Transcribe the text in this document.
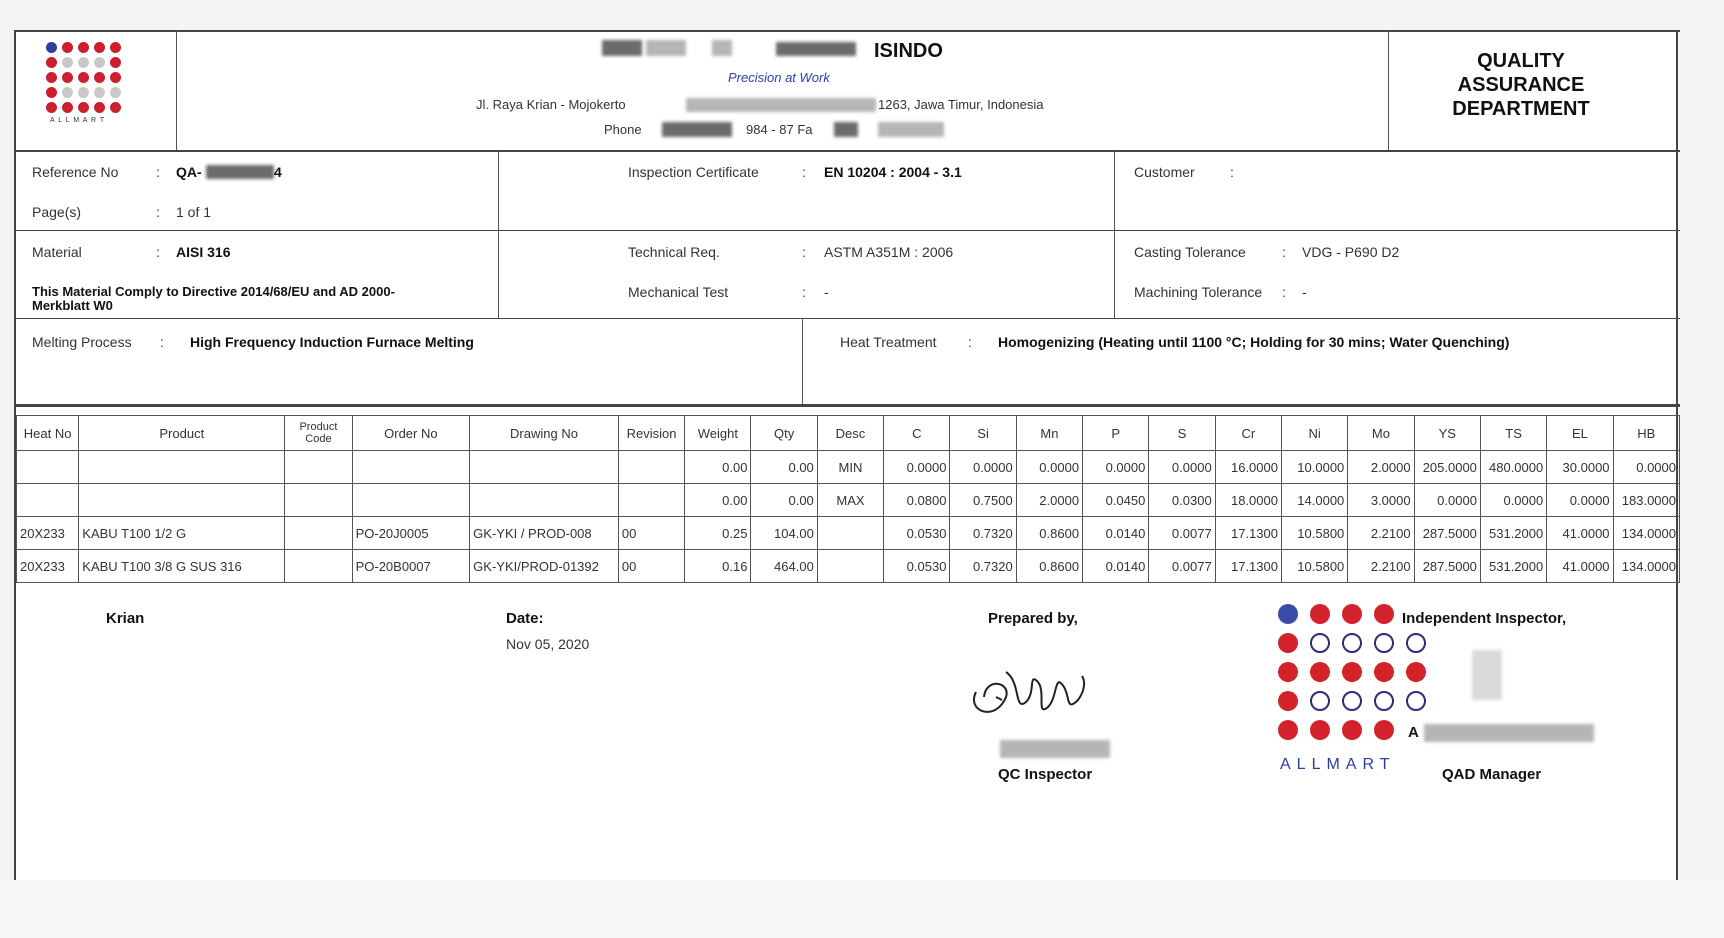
A L L M A R T
ISINDO
Precision at Work
Jl. Raya Krian - Mojokerto	1263, Jawa Timur, Indonesia
Phone	984 - 87 Fa
QUALITY
ASSURANCE
DEPARTMENT
Reference No	: QA-	4
Page(s)	: 1 of 1
Inspection Certificate	: EN 10204 : 2004 - 3.1	Customer	:
Material	: AISI 316
This Material Comply to Directive 2014/68/EU and AD 2000-
Merkblatt W0
Technical Req.	: ASTM A351M : 2006
Mechanical Test	: -
Casting Tolerance	: VDG - P690 D2
Machining Tolerance : -
Melting Process : High Frequency Induction Furnace Melting	Heat Treatment : Homogenizing (Heating until 1100 °C; Holding for 30 mins; Water Quenching)
Heat No	Product	Product Code	Order No	Drawing No	Revision	Weight	Qty	Desc	C	Si	Mn	P	S	Cr	Ni	Mo	YS	TS	EL	HB
						0.00	0.00	MIN	0.0000	0.0000	0.0000	0.0000	0.0000	16.0000	10.0000	2.0000	205.0000	480.0000	30.0000	0.0000
						0.00	0.00	MAX	0.0800	0.7500	2.0000	0.0450	0.0300	18.0000	14.0000	3.0000	0.0000	0.0000	0.0000	183.0000
20X233	KABU T100 1/2 G		PO-20J0005	GK-YKI / PROD-008	00	0.25	104.00		0.0530	0.7320	0.8600	0.0140	0.0077	17.1300	10.5800	2.2100	287.5000	531.2000	41.0000	134.0000
20X233	KABU T100 3/8 G SUS 316		PO-20B0007	GK-YKI/PROD-01392	00	0.16	464.00		0.0530	0.7320	0.8600	0.0140	0.0077	17.1300	10.5800	2.2100	287.5000	531.2000	41.0000	134.0000
Krian	Date:
Nov 05, 2020
Prepared by,
QC Inspector
ALLMART
Independent Inspector,
A
QAD Manager
